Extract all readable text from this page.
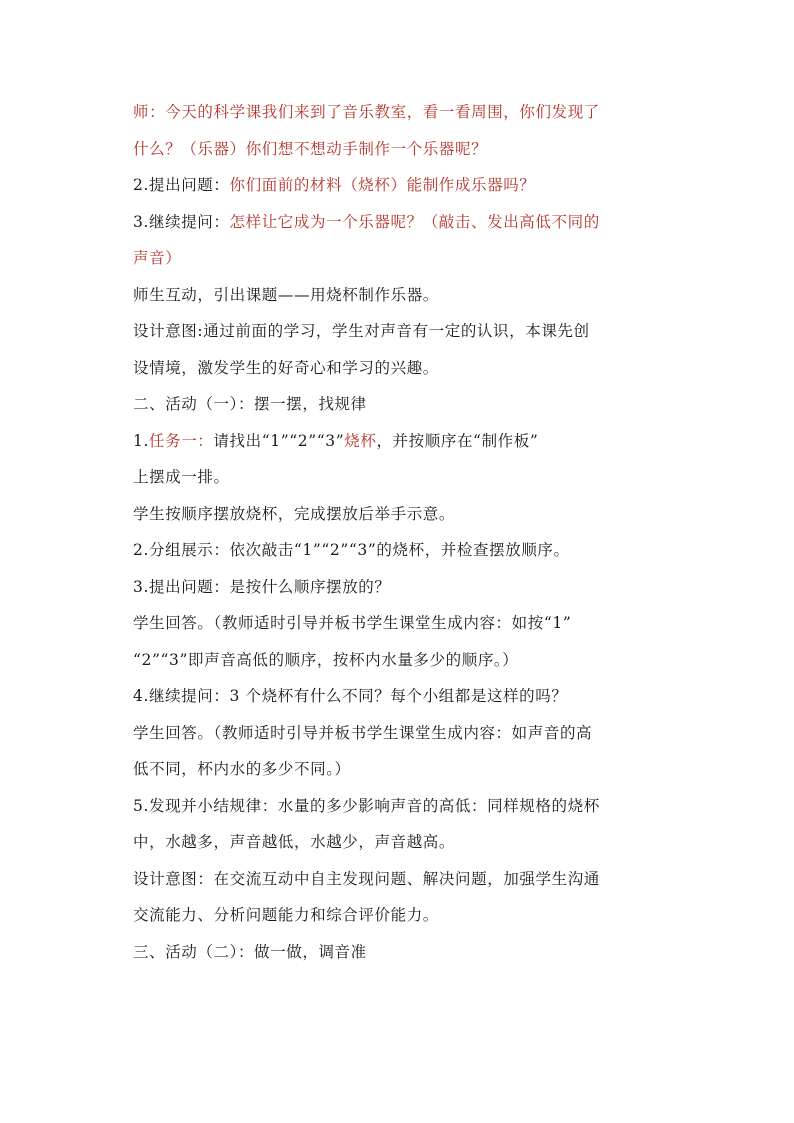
师：今天的科学课我们来到了音乐教室，看一看周围，你们发现了

什么？（乐器）你们想不想动手制作一个乐器呢？

2.提出问题：你们面前的材料（烧杯）能制作成乐器吗？

3.继续提问：怎样让它成为一个乐器呢？（敲击、发出高低不同的

声音）

师生互动，引出课题——用烧杯制作乐器。

设计意图:通过前面的学习，学生对声音有一定的认识，本课先创

设情境，激发学生的好奇心和学习的兴趣。

二、活动（一）：摆一摆，找规律

1.任务一：请找出“1”“2”“3”烧杯，并按顺序在“制作板”

上摆成一排。

学生按顺序摆放烧杯，完成摆放后举手示意。

2.分组展示：依次敲击“1”“2”“3”的烧杯，并检查摆放顺序。

3.提出问题：是按什么顺序摆放的？

学生回答。（教师适时引导并板书学生课堂生成内容：如按“1”

“2”“3”即声音高低的顺序，按杯内水量多少的顺序。）

4.继续提问：3 个烧杯有什么不同？每个小组都是这样的吗？

学生回答。（教师适时引导并板书学生课堂生成内容：如声音的高

低不同，杯内水的多少不同。）

5.发现并小结规律：水量的多少影响声音的高低：同样规格的烧杯

中，水越多，声音越低，水越少，声音越高。

设计意图：在交流互动中自主发现问题、解决问题，加强学生沟通

交流能力、分析问题能力和综合评价能力。

三、活动（二）：做一做，调音准
